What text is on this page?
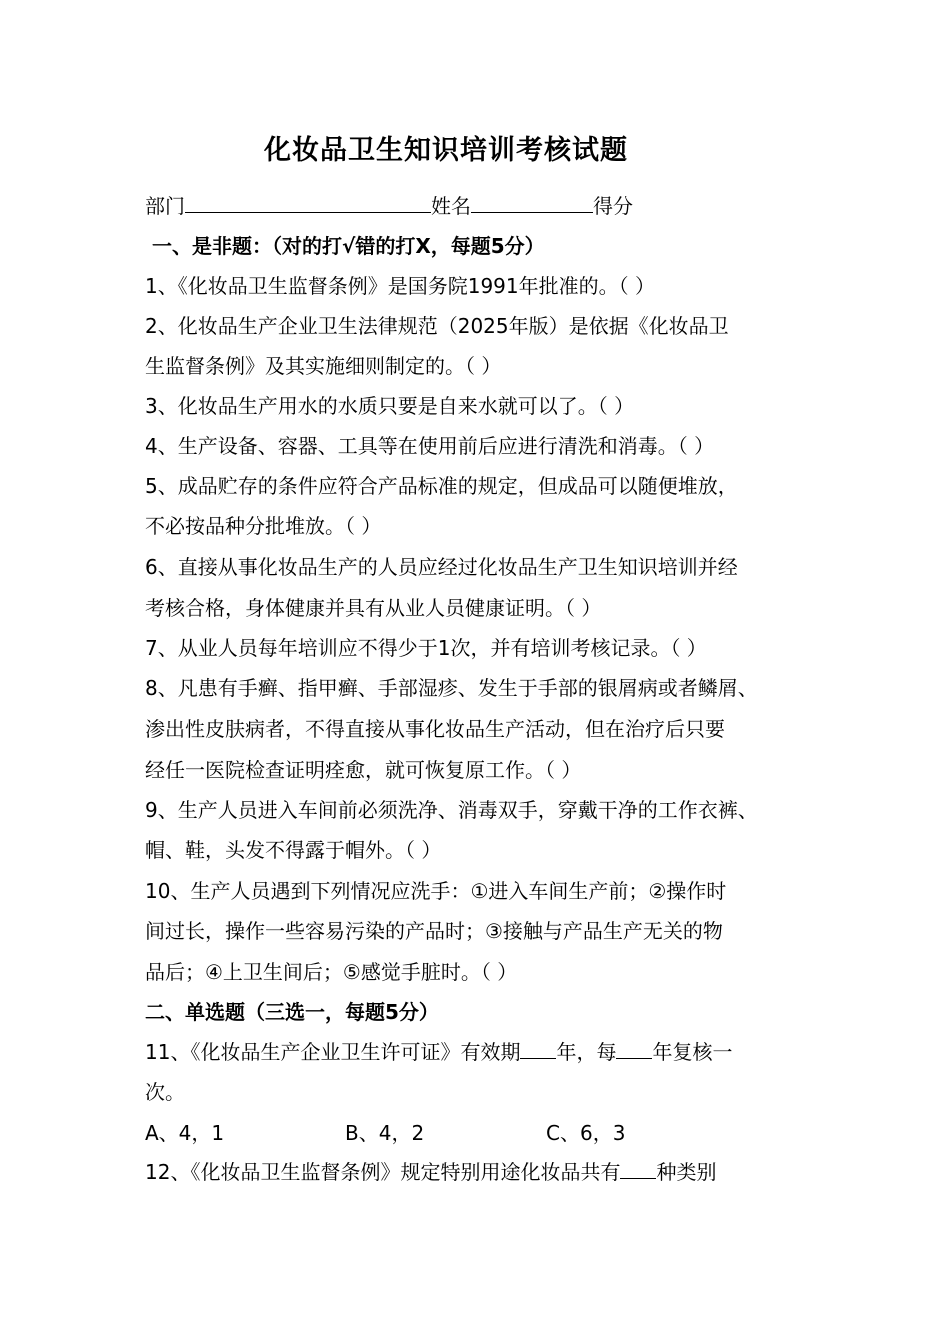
化妆品卫生知识培训考核试题
部门	姓名	得分
一、是非题：（对的打√错的打X，每题5分）
1、《化妆品卫生监督条例》是国务院1991年批准的。（ ）
2、化妆品生产企业卫生法律规范（2025年版）是依据《化妆品卫
生监督条例》及其实施细则制定的。（ ）
3、化妆品生产用水的水质只要是自来水就可以了。（ ）
4、生产设备、容器、工具等在使用前后应进行清洗和消毒。（ ）
5、成品贮存的条件应符合产品标准的规定，但成品可以随便堆放，
不必按品种分批堆放。（ ）
6、直接从事化妆品生产的人员应经过化妆品生产卫生知识培训并经
考核合格，身体健康并具有从业人员健康证明。（ ）
7、从业人员每年培训应不得少于1次，并有培训考核记录。（ ）
8、凡患有手癣、指甲癣、手部湿疹、发生于手部的银屑病或者鳞屑、
渗出性皮肤病者，不得直接从事化妆品生产活动，但在治疗后只要
经任一医院检查证明痊愈，就可恢复原工作。（ ）
9、生产人员进入车间前必须洗净、消毒双手，穿戴干净的工作衣裤、
帽、鞋，头发不得露于帽外。（ ）
10、生产人员遇到下列情况应洗手：①进入车间生产前；②操作时
间过长，操作一些容易污染的产品时；③接触与产品生产无关的物
品后；④上卫生间后；⑤感觉手脏时。（ ）
二、单选题（三选一，每题5分）
11、《化妆品生产企业卫生许可证》有效期 年，每 年复核一
次。
A、4，1	B、4，2	C、6，3
12、《化妆品卫生监督条例》规定特别用途化妆品共有 种类别
